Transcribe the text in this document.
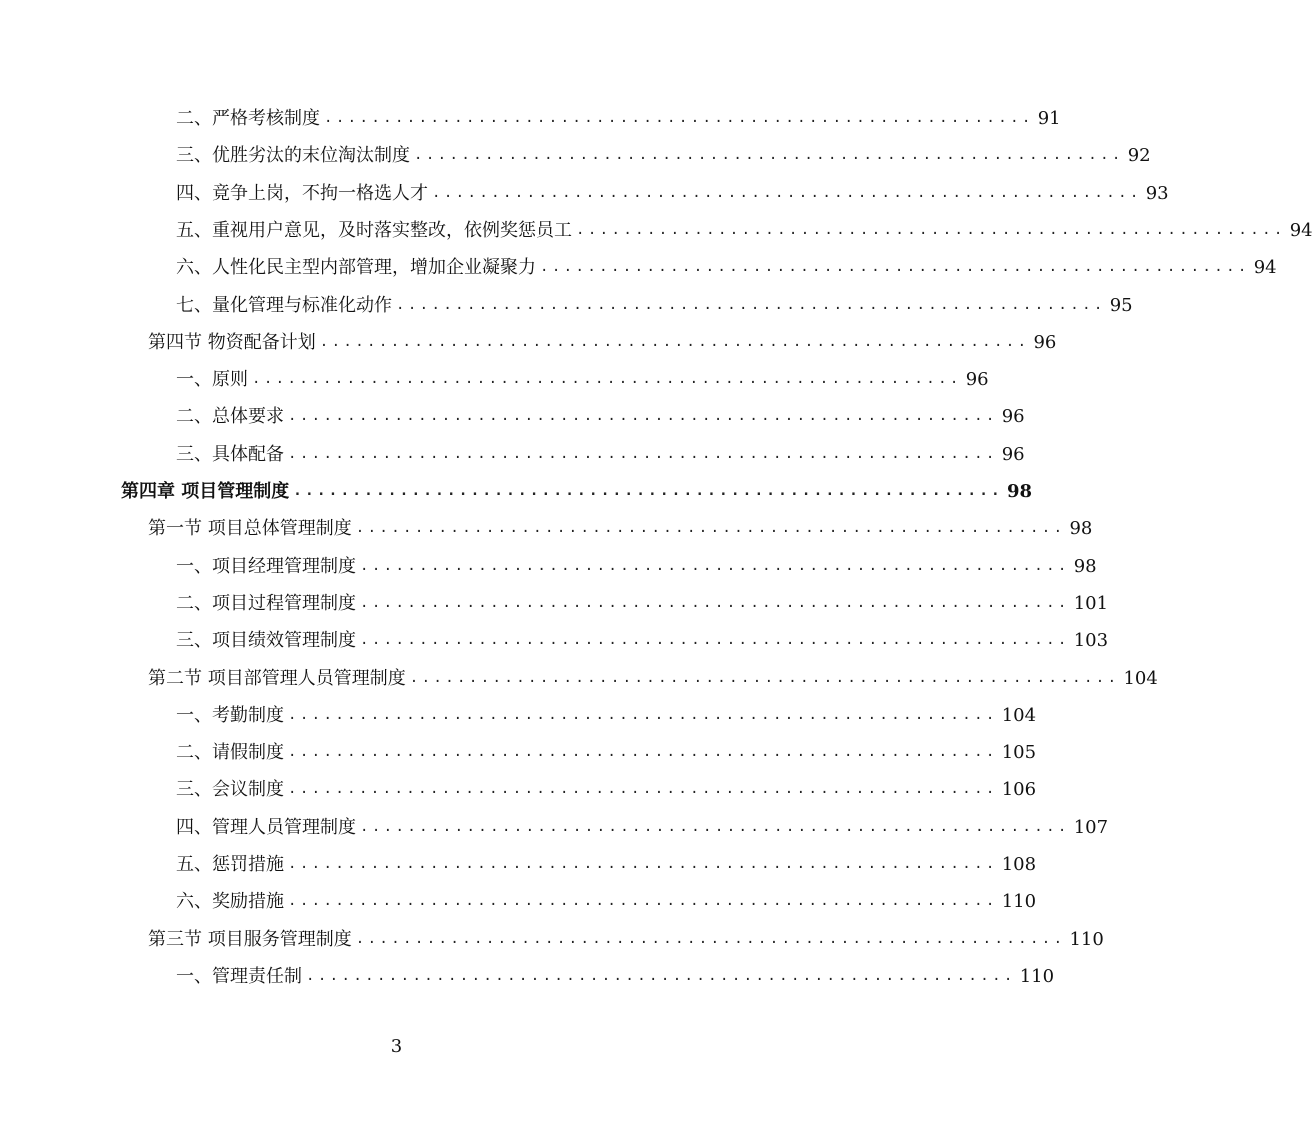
二、严格考核制度 ............................................................ 91
三、优胜劣汰的末位淘汰制度 ............................................................ 92
四、竟争上岗，不拘一格选人才 ............................................................ 93
五、重视用户意见，及时落实整改，依例奖惩员工 ............................................................ 94
六、人性化民主型内部管理，增加企业凝聚力 ............................................................ 94
七、量化管理与标准化动作 ............................................................ 95
第四节 物资配备计划 ............................................................ 96
一、原则 ............................................................ 96
二、总体要求 ............................................................ 96
三、具体配备 ............................................................ 96
第四章 项目管理制度 ............................................................ 98
第一节 项目总体管理制度 ............................................................ 98
一、项目经理管理制度 ............................................................ 98
二、项目过程管理制度 ............................................................ 101
三、项目绩效管理制度 ............................................................ 103
第二节 项目部管理人员管理制度 ............................................................ 104
一、考勤制度 ............................................................ 104
二、请假制度 ............................................................ 105
三、会议制度 ............................................................ 106
四、管理人员管理制度 ............................................................ 107
五、惩罚措施 ............................................................ 108
六、奖励措施 ............................................................ 110
第三节 项目服务管理制度 ............................................................ 110
一、管理责任制 ............................................................ 110
3
